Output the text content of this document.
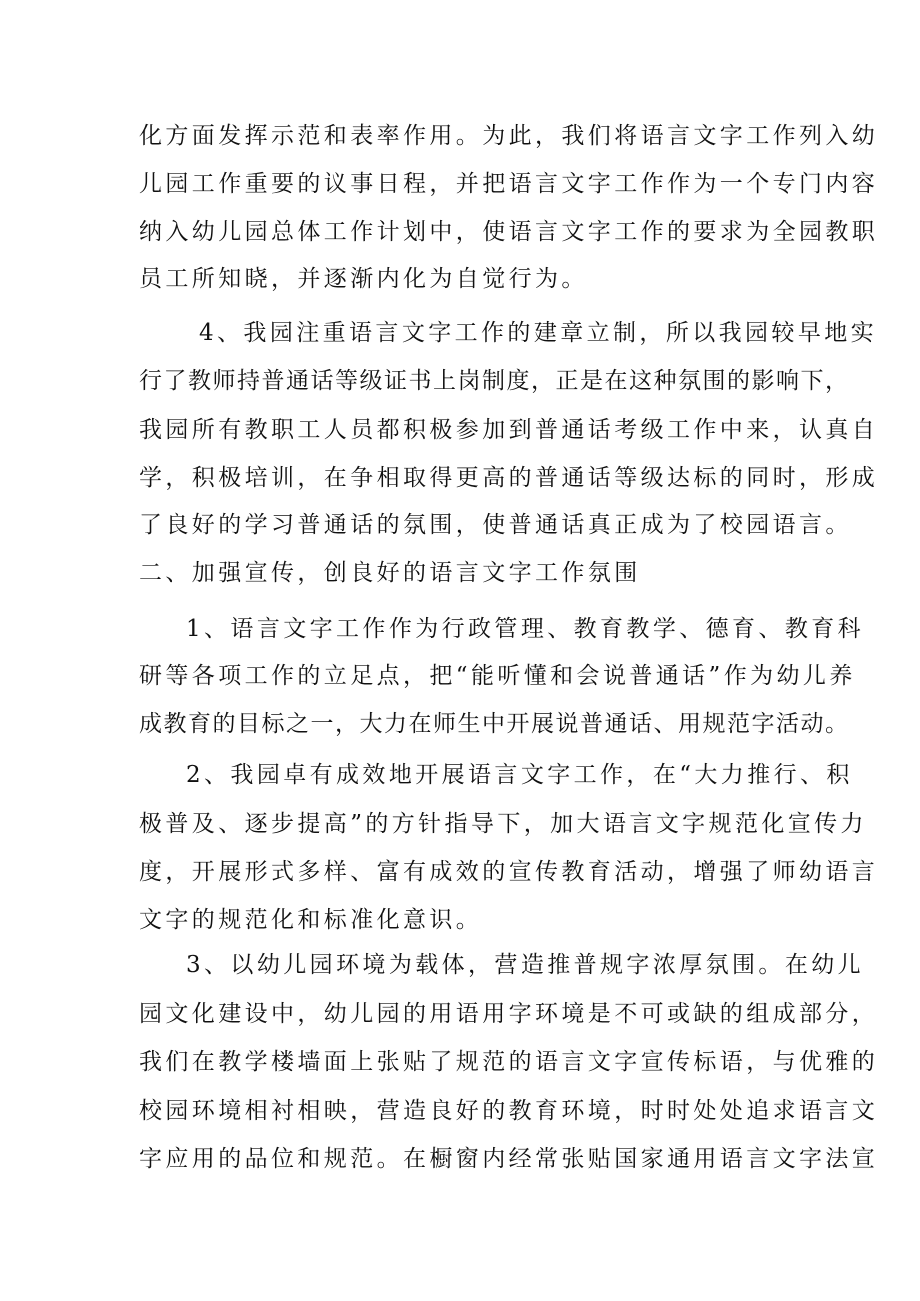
化方面发挥示范和表率作用。为此，我们将语言文字工作列入幼

儿园工作重要的议事日程，并把语言文字工作作为一个专门内容

纳入幼儿园总体工作计划中，使语言文字工作的要求为全园教职

员工所知晓，并逐渐内化为自觉行为。

4、我园注重语言文字工作的建章立制，所以我园较早地实

行了教师持普通话等级证书上岗制度，正是在这种氛围的影响下，

我园所有教职工人员都积极参加到普通话考级工作中来，认真自

学，积极培训，在争相取得更高的普通话等级达标的同时，形成

了良好的学习普通话的氛围，使普通话真正成为了校园语言。

二、加强宣传，创良好的语言文字工作氛围

1、语言文字工作作为行政管理、教育教学、德育、教育科

研等各项工作的立足点，把“能听懂和会说普通话”作为幼儿养

成教育的目标之一，大力在师生中开展说普通话、用规范字活动。

2、我园卓有成效地开展语言文字工作，在“大力推行、积

极普及、逐步提高”的方针指导下，加大语言文字规范化宣传力

度，开展形式多样、富有成效的宣传教育活动，增强了师幼语言

文字的规范化和标准化意识。

3、以幼儿园环境为载体，营造推普规字浓厚氛围。在幼儿

园文化建设中，幼儿园的用语用字环境是不可或缺的组成部分，

我们在教学楼墙面上张贴了规范的语言文字宣传标语，与优雅的

校园环境相衬相映，营造良好的教育环境，时时处处追求语言文

字应用的品位和规范。在橱窗内经常张贴国家通用语言文字法宣
